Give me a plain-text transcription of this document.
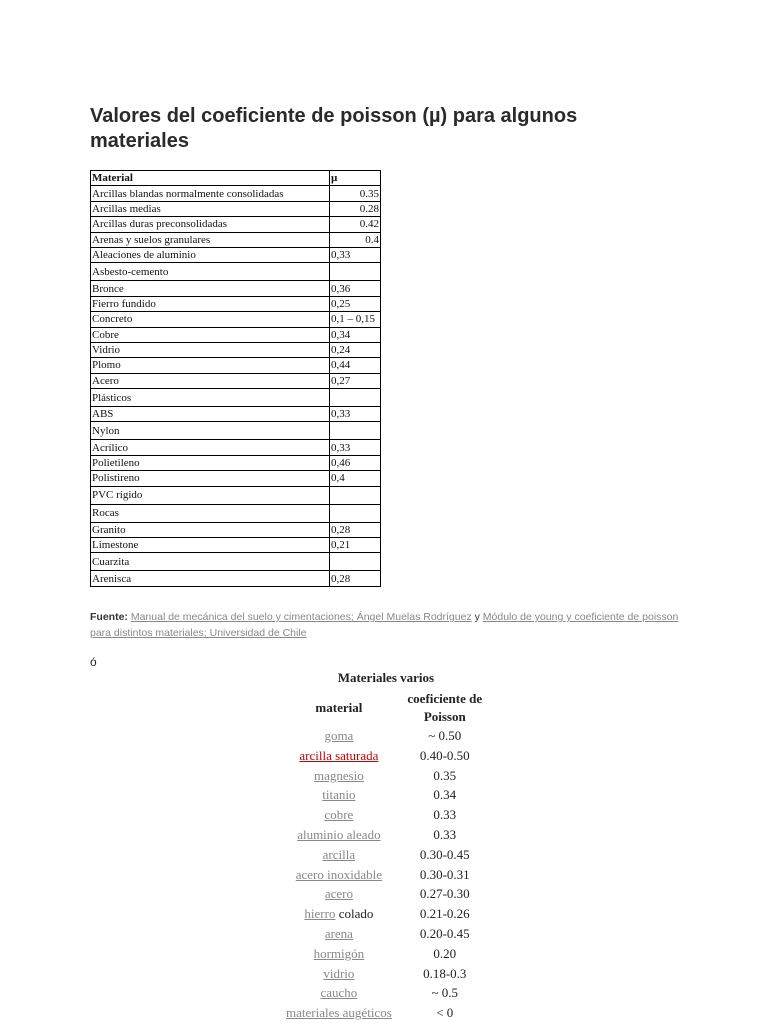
Valores del coeficiente de poisson (µ) para algunos materiales
Material	µ
Arcillas blandas normalmente consolidadas	0.35
Arcillas medias	0.28
Arcillas duras preconsolidadas	0.42
Arenas y suelos granulares	0.4
Aleaciones de aluminio	0,33
Asbesto-cemento	
Bronce	0,36
Fierro fundido	0,25
Concreto	0,1 – 0,15
Cobre	0,34
Vidrio	0,24
Plomo	0,44
Acero	0,27
Plásticos	
ABS	0,33
Nylon	
Acrílico	0,33
Polietileno	0,46
Polistireno	0,4
PVC rígido	
Rocas	
Granito	0,28
Limestone	0,21
Cuarzita	
Arenisca	0,28
Fuente: Manual de mecánica del suelo y cimentaciones; Ángel Muelas Rodríguez y Módulo de young y coeficiente de poisson para distintos materiales; Universidad de Chile
ó
Materiales varios
material	coeficiente de Poisson
goma	~ 0.50
arcilla saturada	0.40-0.50
magnesio	0.35
titanio	0.34
cobre	0.33
aluminio aleado	0.33
arcilla	0.30-0.45
acero inoxidable	0.30-0.31
acero	0.27-0.30
hierro colado	0.21-0.26
arena	0.20-0.45
hormigón	0.20
vidrio	0.18-0.3
caucho	~ 0.5
materiales augéticos	< 0
